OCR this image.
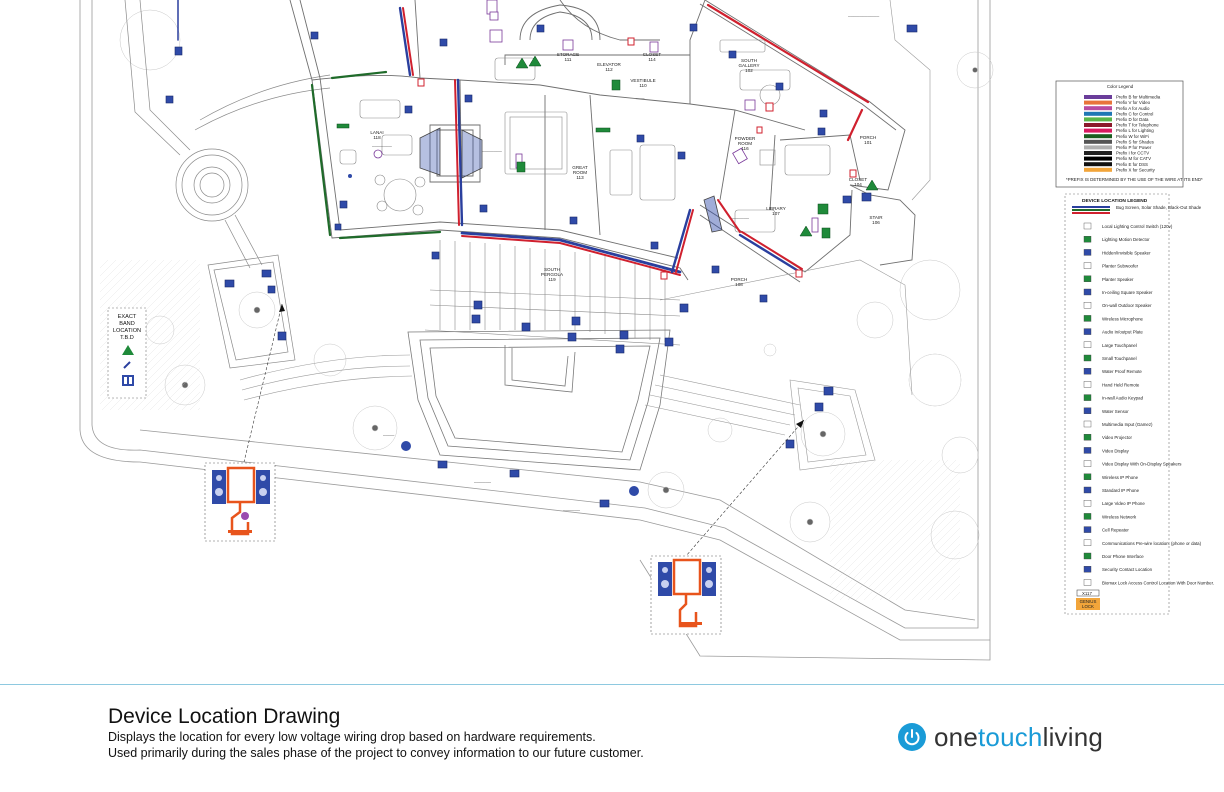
───────────
───────
───────
──────
────
──────
──────
───
STORAGE
111
ELEVATOR
112
CLOSET
114
VESTIBULE
110
SOUTH
GALLERY
102
LANAI
118
GREAT
ROOM
113
POWDER
ROOM
116
PORCH
101
CLOSET
104
LIBRARY
107
STAIR
106
PORCH
108
SOUTH
PERGOLA
119
EXACT
BAND
LOCATION
T.B.D
Color Legend
Prefix B for Multimedia
Prefix V for Video
Prefix A for Audio
Prefix C for Control
Prefix D for Data
Prefix T for Telephone
Prefix L for Lighting
Prefix W for WiFi
Prefix S for Shades
Prefix P for Power
Prefix I for CCTV
Prefix M for CATV
Prefix E for DSS
Prefix X for Security
*PREFIX IS DETERMINED BY THE USE OF THE WIRE AT ITS END*
DEVICE LOCATION LEGEND
Bug Screen, Solar Shade, Black-Out Shade
Local Lighting Control Switch (120v)
Lighting Motion Detector
Hidden/Invisible Speaker
Planter Subwoofer
Planter Speaker
In-ceiling Square Speaker
On-wall Outdoor Speaker
Wireless Microphone
Audio In/output Plate
Large Touchpanel
Small Touchpanel
Water Proof Remote
Hand Held Remote
In-wall Audio Keypad
Water Sensor
Multimedia Input (Gamez)
Video Projector
Video Display
Video Display With On-Display Speakers
Wireless IP Phone
Standard IP Phone
Large Video IP Phone
Wireless Network
Cell Repeater
Communications Pre-wire location. (phone or data)
Door Phone Interface
Security Contact Location
Biomax Lock Access Control Location With Door Number.
X117
GENIUS
LOCK
Device Location Drawing
Displays the location for every low voltage wiring drop based on hardware requirements.
Used primarily during the sales phase of the project to convey information to our future customer.
onetouchliving
